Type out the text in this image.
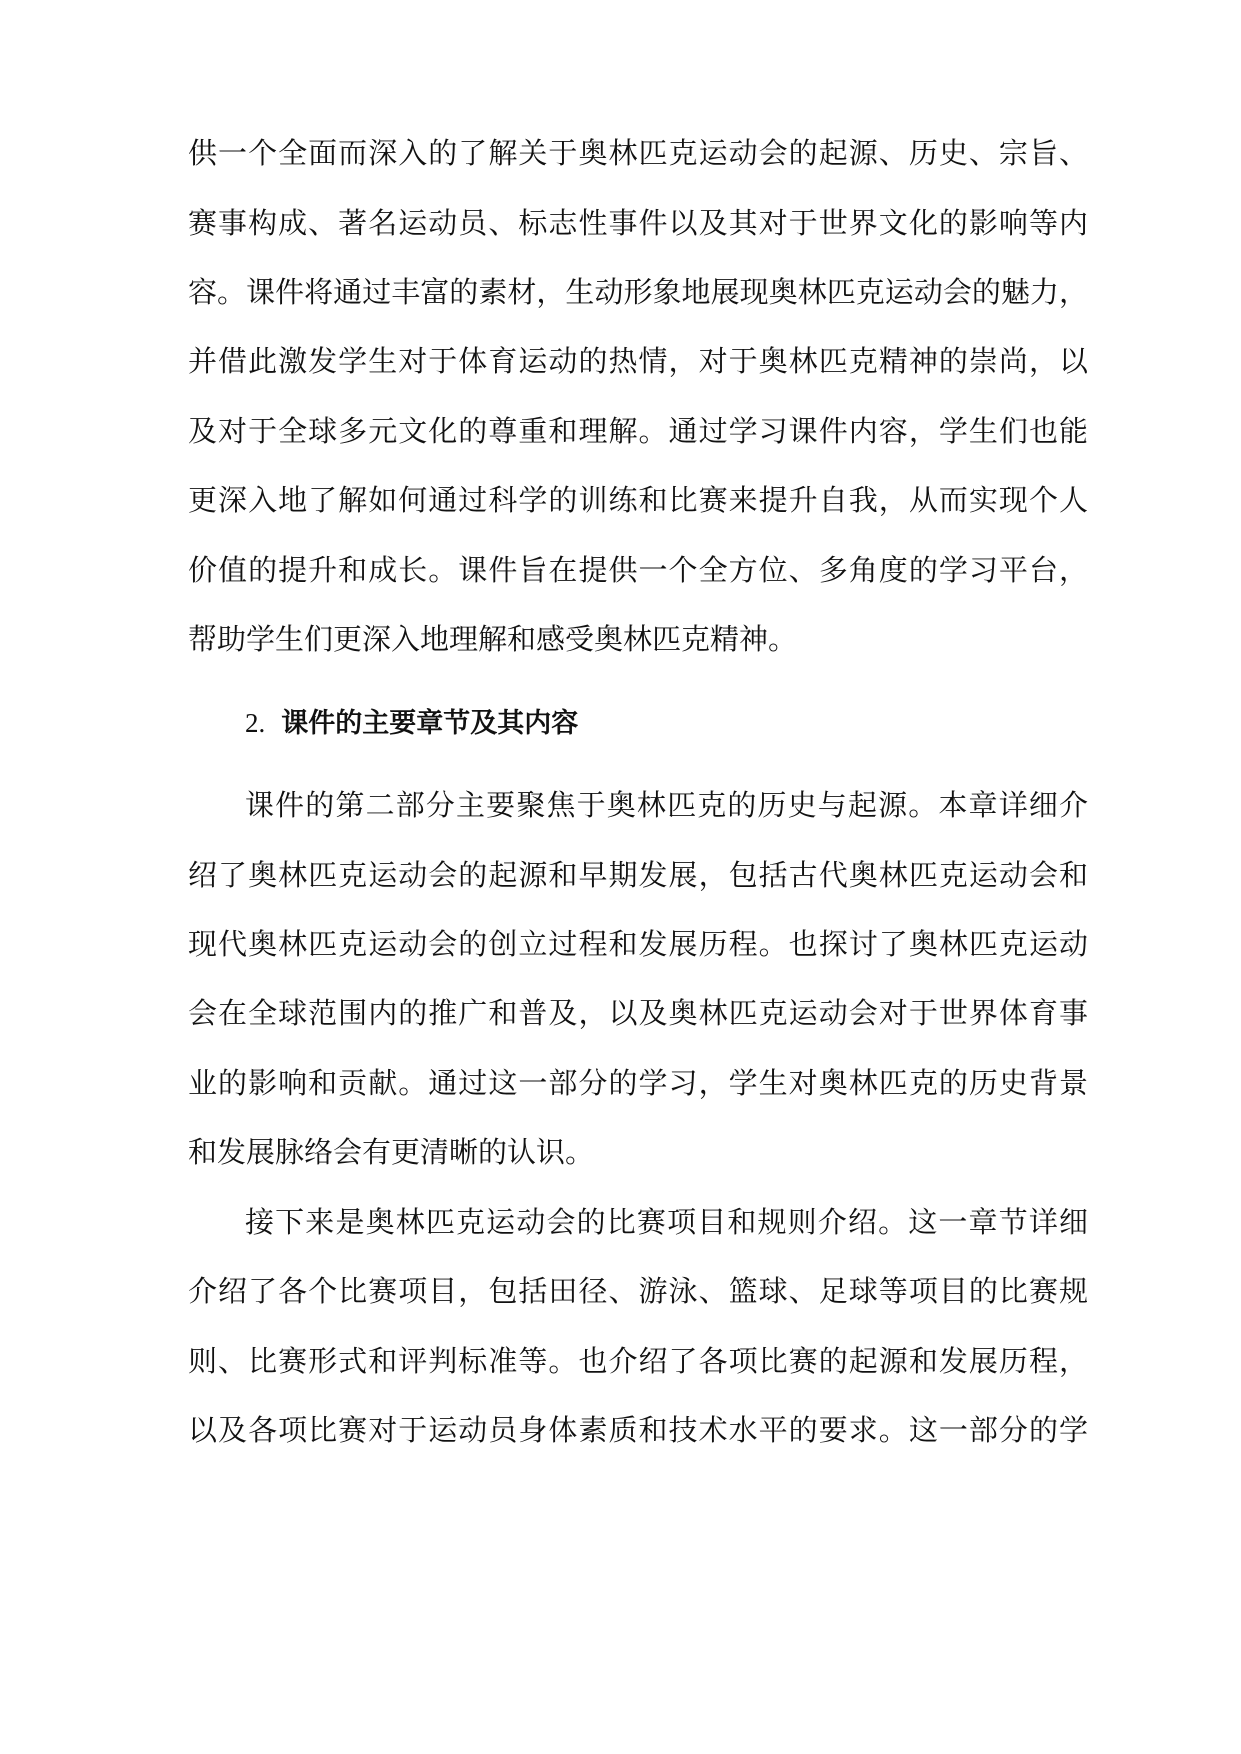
供一个全面而深入的了解关于奥林匹克运动会的起源、历史、宗旨、
赛事构成、著名运动员、标志性事件以及其对于世界文化的影响等内
容。课件将通过丰富的素材，生动形象地展现奥林匹克运动会的魅力，
并借此激发学生对于体育运动的热情，对于奥林匹克精神的崇尚，以
及对于全球多元文化的尊重和理解。通过学习课件内容，学生们也能
更深入地了解如何通过科学的训练和比赛来提升自我，从而实现个人
价值的提升和成长。课件旨在提供一个全方位、多角度的学习平台，
帮助学生们更深入地理解和感受奥林匹克精神。
2. 课件的主要章节及其内容
课件的第二部分主要聚焦于奥林匹克的历史与起源。本章详细介
绍了奥林匹克运动会的起源和早期发展，包括古代奥林匹克运动会和
现代奥林匹克运动会的创立过程和发展历程。也探讨了奥林匹克运动
会在全球范围内的推广和普及，以及奥林匹克运动会对于世界体育事
业的影响和贡献。通过这一部分的学习，学生对奥林匹克的历史背景
和发展脉络会有更清晰的认识。
接下来是奥林匹克运动会的比赛项目和规则介绍。这一章节详细
介绍了各个比赛项目，包括田径、游泳、篮球、足球等项目的比赛规
则、比赛形式和评判标准等。也介绍了各项比赛的起源和发展历程，
以及各项比赛对于运动员身体素质和技术水平的要求。这一部分的学
